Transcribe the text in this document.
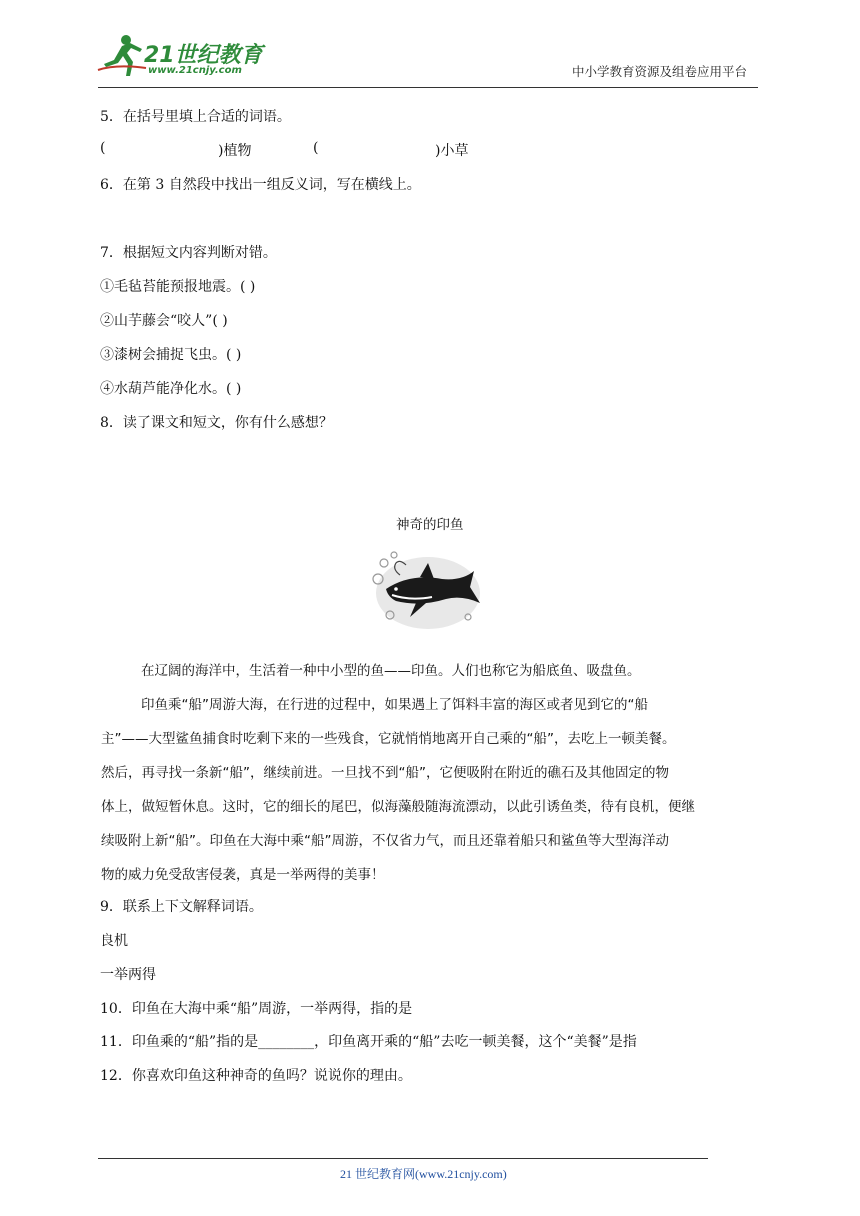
21世纪教育
www.21cnjy.com	中小学教育资源及组卷应用平台
5．在括号里填上合适的词语。
(	)植物	(	)小草
6．在第 3 自然段中找出一组反义词，写在横线上。
7．根据短文内容判断对错。
①毛毡苔能预报地震。( )
②山芋藤会“咬人”( )
③漆树会捕捉飞虫。( )
④水葫芦能净化水。( )
8．读了课文和短文，你有什么感想？
神奇的印鱼
在辽阔的海洋中，生活着一种中小型的鱼——印鱼。人们也称它为船底鱼、吸盘鱼。
印鱼乘“船”周游大海，在行进的过程中，如果遇上了饵料丰富的海区或者见到它的“船
主”——大型鲨鱼捕食时吃剩下来的一些残食，它就悄悄地离开自己乘的“船”，去吃上一顿美餐。
然后，再寻找一条新“船”，继续前进。一旦找不到“船”，它便吸附在附近的礁石及其他固定的物
体上，做短暂休息。这时，它的细长的尾巴，似海藻般随海流漂动，以此引诱鱼类，待有良机，便继
续吸附上新“船”。印鱼在大海中乘“船”周游，不仅省力气，而且还靠着船只和鲨鱼等大型海洋动
物的威力免受敌害侵袭，真是一举两得的美事！
9．联系上下文解释词语。
良机
一举两得
10．印鱼在大海中乘“船”周游，一举两得，指的是
11．印鱼乘的“船”指的是________，印鱼离开乘的“船”去吃一顿美餐，这个“美餐”是指
12．你喜欢印鱼这种神奇的鱼吗？说说你的理由。
21 世纪教育网(www.21cnjy.com)
